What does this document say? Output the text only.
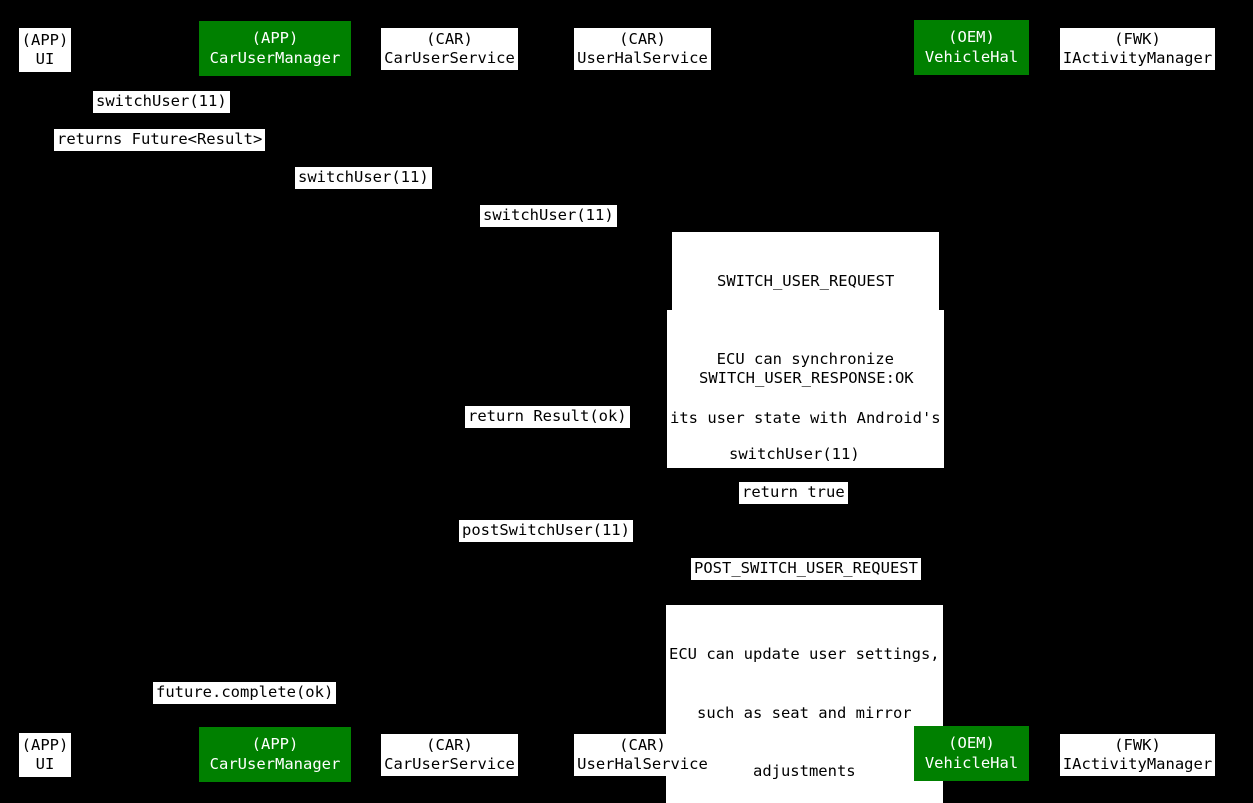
(APP)
UI
(APP)
CarUserManager
(CAR)
CarUserService
(CAR)
UserHalService
(OEM)
VehicleHal
(FWK)
IActivityManager
switchUser(11)
returns Future<Result>
switchUser(11)
switchUser(11)

SWITCH_USER_REQUEST

ECU can synchronize

its user state with Android's

SWITCH_USER_RESPONSE:OK
return Result(ok)
switchUser(11)
return true
postSwitchUser(11)
POST_SWITCH_USER_REQUEST

ECU can update user settings,

such as seat and mirror

adjustments

future.complete(ok)
(APP)
UI
(APP)
CarUserManager
(CAR)
CarUserService
(CAR)
UserHalService
(OEM)
VehicleHal
(FWK)
IActivityManager
